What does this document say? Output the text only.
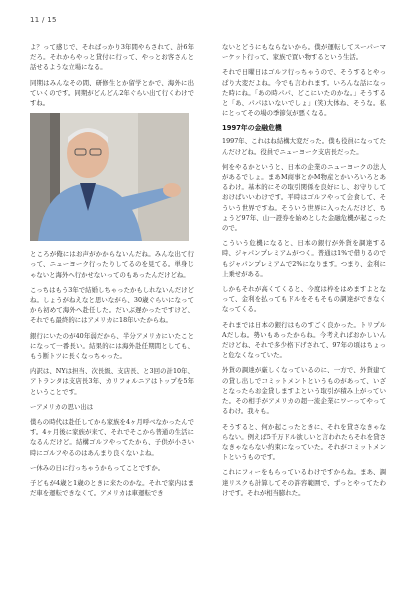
11 / 15

よ？って感じで、そればっかり3年間やらされて、計6年だろ。それからやっと貸付に行って、やっとお客さんと話せるような立場になる。

同期はみんなその間、研修生とか留学とかで、海外に出ていくのです。同期がどんどん2年ぐらい出て行くわけですね。

ところが俺にはお声がかからないんだね。みんな出て行って、ニューヨーク行ったりしてるのを見てる。単身じゃないと海外へ行かせないってのもあったんだけどね。

こっちはもう3年で結婚しちゃったかもしれないんだけどね。しょうがねえなと思いながら、30歳ぐらいになってから初めて海外へ赴任した。だいぶ遅かったですけど、それでも最終的にはアメリカに18年いたからね。

銀行にいたのが40年弱だから、半分アメリカにいたことになって一番長い。結果的には海外赴任期間としても、もう断トツに長くなっちゃった。

内訳は、NYは担当、次長級、支店長、と3回の計10年、アトランタは支店長3年、カリフォルニアはトップを5年ということです。

ーアメリカの思い出は

僕らの時代は赴任してから家族を4ヶ月呼べなかったんです。4ヶ月後に家族が来て、それでそこから普通の生活になるんだけど。結構ゴルフやってたから、子供が小さい時にゴルフやるのはあんまり良くないよね。

ー休みの日に行っちゃうからってことですか。

子どもが4歳と1歳のときに来たのかな。それで家内はまだ車を運転できなくて。アメリカは車運転でき

ないとどうにもならないから。僕が運転してスーパーマーケット行って、家族で買い物するという生活。

それで日曜日はゴルフ行っちゃうので、そうするとやっぱり大変だよね。今でも言われます。いろんな話になった時にね。「あの時パパ、どこにいたのかな。」そうすると「あ、パパはいないでしょ」(笑)大体ね、そうな。私にとってその場の季節気が悪くなる。

1997年の金融危機

1997年、これはね結構大変だった。僕も役員になってたんだけどね。役員でニューヨーク支店長だった。

何をやるかというと、日本の企業のニューヨークの法人があるでしょ。まあM商事とかM物産とかいろいろとあるわけ。基本的にその取引関係を良好にし、お守りしておけばいいわけです。平時はゴルフやって会食して、そういう世界ですね。そういう世界に入ったんだけど、ちょうど97年、山一證券を始めとした金融危機が起こったので。

こういう危機になると、日本の銀行が外貨を調達する時、ジャパンプレミアムがつく。普通は1%で借りるのでもジャパンプレミアムで2%になります。つまり、金利に上乗せがある。

しかもそれが高くてくると、今度は枠をはめますよとなって、金利を払ってもドルをそもそもの調達ができなくなってくる。

それまでは日本の銀行はものすごく良かった。トリプルAだしね。勢いもあったからね。今考えればおかしいんだけどね、それで多少格下げされて、97年の頃はちょっと危なくなっていた。

外貨の調達が厳しくなっているのに、一方で、外貨建ての貸し出しでコミットメントというものがあって、いざとなったらお金貸しますよという取引が積み上がっていた。その相手がアメリカの超一流企業にワーってやってるわけ。我々も。

そうすると、何か起こったときに、それを貸さなきゃならない。例えば5千万ドル欲しいと言われたらそれを貸さなきゃならない約束になっていた。それがコミットメントというものです。

これにフィーをもらっているわけですからね。まあ、調達リスクも計算してその許容範囲で、ずっとやってたわけです。それが相当膨れた。
